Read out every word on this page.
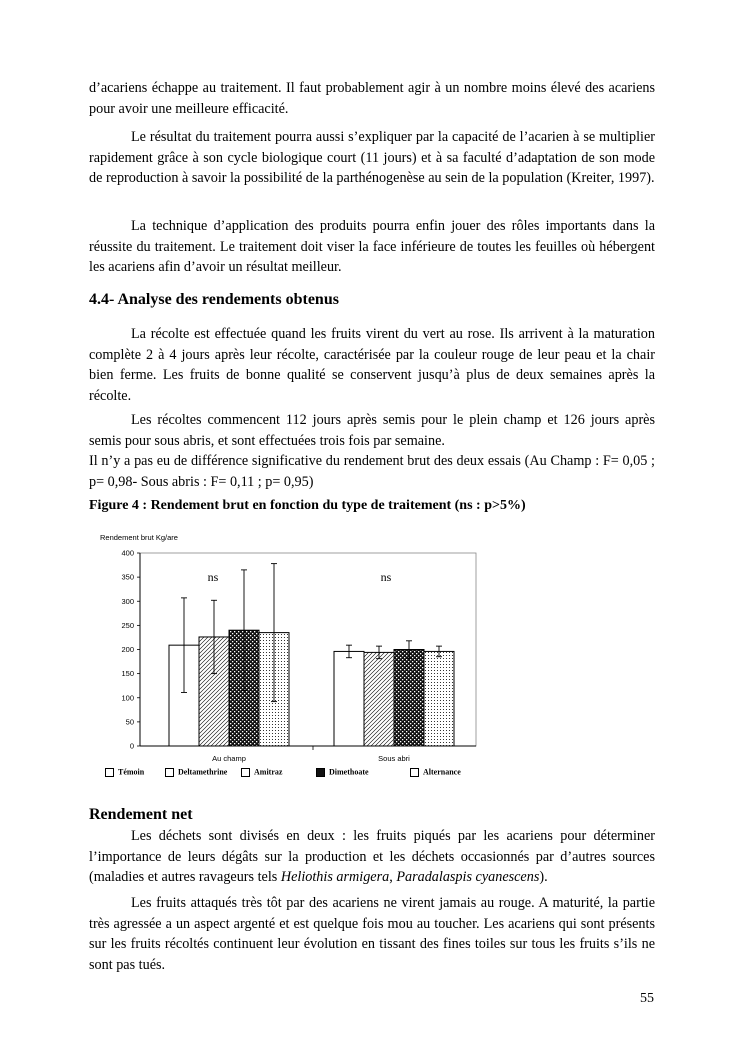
d’acariens échappe au traitement. Il faut probablement agir à un nombre moins élevé des acariens pour avoir une meilleure efficacité.

Le résultat du traitement pourra aussi s’expliquer par la capacité de l’acarien à se multiplier rapidement grâce à son cycle biologique court (11 jours) et à sa faculté d’adaptation de son mode de reproduction à savoir la possibilité de la parthénogenèse au sein de la population (Kreiter, 1997).

La technique d’application des produits pourra enfin jouer des rôles importants dans la réussite du traitement. Le traitement doit viser la face inférieure de toutes les feuilles où hébergent les acariens afin d’avoir un résultat meilleur.

4.4- Analyse des rendements obtenus

La récolte est effectuée quand les fruits virent du vert au rose. Ils arrivent à la maturation complète 2 à 4 jours après leur récolte, caractérisée par la couleur rouge de leur peau et la chair bien ferme. Les fruits de bonne qualité se conservent jusqu’à plus de deux semaines après la récolte.

Les récoltes commencent 112 jours après semis pour le plein champ et 126 jours après semis pour sous abris, et sont effectuées trois fois par semaine.

Il n’y a pas eu de différence significative du rendement brut des deux essais (Au Champ : F= 0,05 ; p= 0,98- Sous abris : F= 0,11 ; p= 0,95)

Figure 4 : Rendement brut en fonction du type de traitement (ns : p>5%)

Rendement brut Kg/are
0
50
100
150
200
250
300
350
400
Au champ	Sous abri
ns	ns
Témoin	Deltamethrine	Amitraz	Dimethoate	Alternance
Rendement net

Les déchets sont divisés en deux : les fruits piqués par les acariens pour déterminer l’importance de leurs dégâts sur la production et les déchets occasionnés par d’autres sources (maladies et autres ravageurs tels Heliothis armigera, Paradalaspis cyanescens).

Les fruits attaqués très tôt par des acariens ne virent jamais au rouge. A maturité, la partie très agressée a un aspect argenté et est quelque fois mou au toucher. Les acariens qui sont présents sur les fruits récoltés continuent leur évolution en tissant des fines toiles sur tous les fruits s’ils ne sont pas tués.

55
